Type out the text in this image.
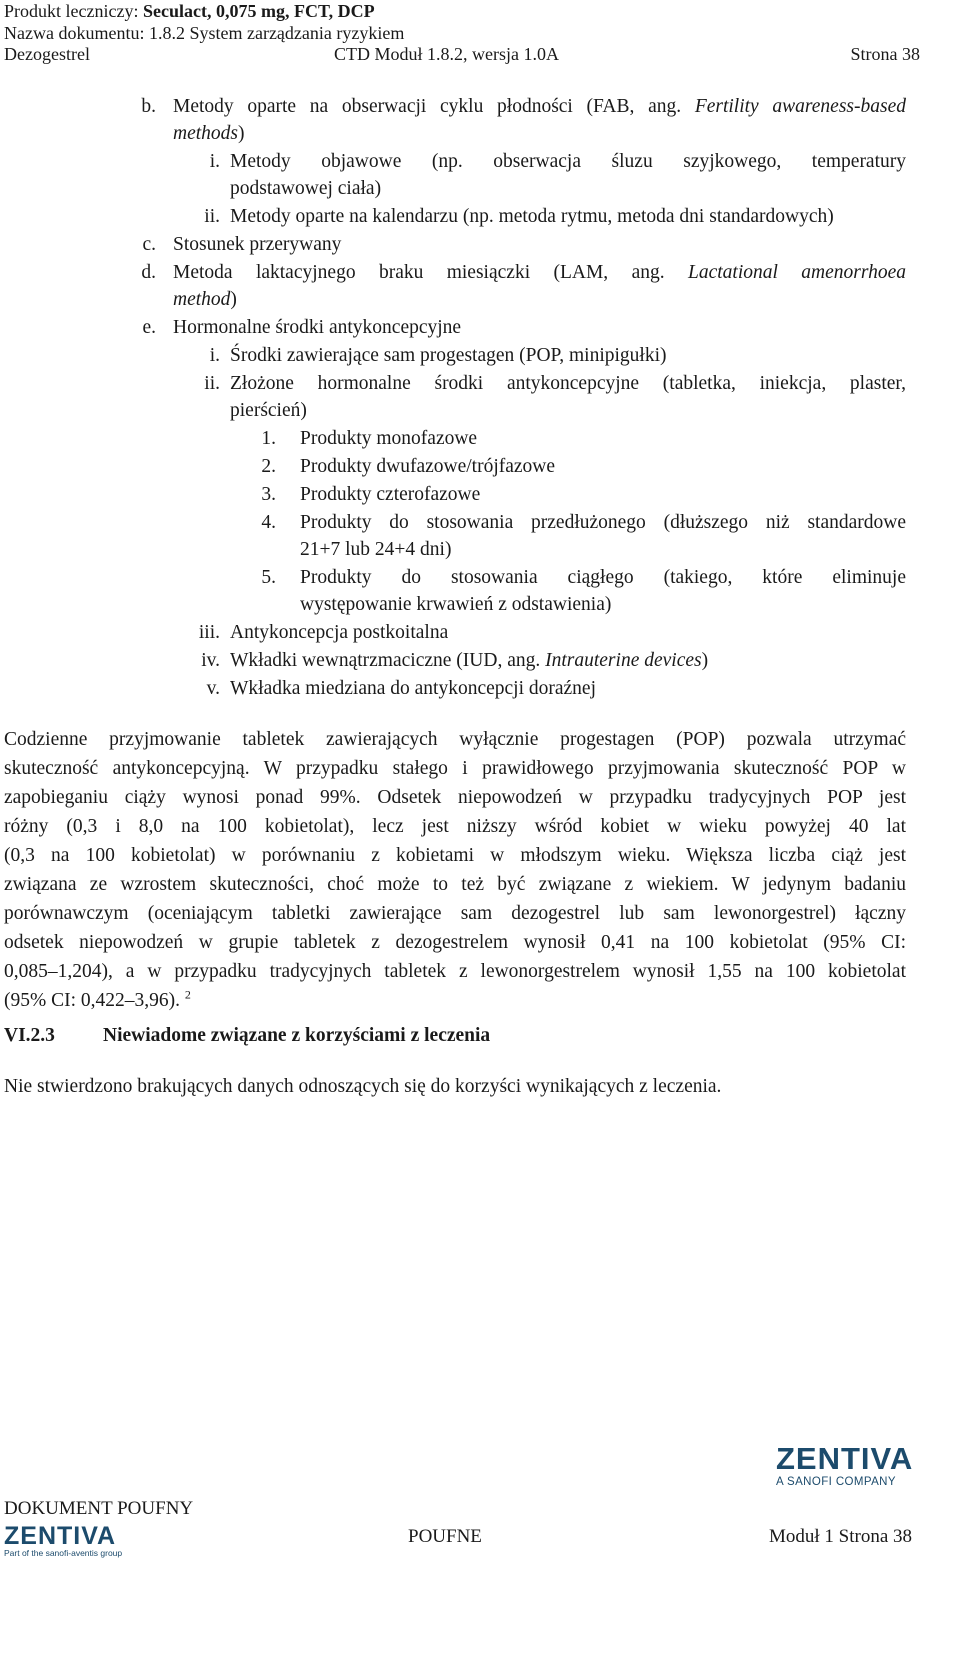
Produkt leczniczy: Seculact, 0,075 mg, FCT, DCP
Nazwa dokumentu: 1.8.2 System zarządzania ryzykiem
Dezogestrel	CTD Moduł 1.8.2, wersja 1.0A	Strona 38
b. Metody oparte na obserwacji cyklu płodności (FAB, ang. Fertility awareness-based
methods)
i. Metody objawowe (np. obserwacja śluzu szyjkowego, temperatury
podstawowej ciała)
ii. Metody oparte na kalendarzu (np. metoda rytmu, metoda dni standardowych)
c. Stosunek przerywany
d. Metoda laktacyjnego braku miesiączki (LAM, ang. Lactational amenorrhoea
method)
e. Hormonalne środki antykoncepcyjne
i. Środki zawierające sam progestagen (POP, minipigułki)
ii. Złożone hormonalne środki antykoncepcyjne (tabletka, iniekcja, plaster,
pierścień)
1. Produkty monofazowe
2. Produkty dwufazowe/trójfazowe
3. Produkty czterofazowe
4. Produkty do stosowania przedłużonego (dłuższego niż standardowe
21+7 lub 24+4 dni)
5. Produkty do stosowania ciągłego (takiego, które eliminuje
występowanie krwawień z odstawienia)
iii. Antykoncepcja postkoitalna
iv. Wkładki wewnątrzmaciczne (IUD, ang. Intrauterine devices)
v. Wkładka miedziana do antykoncepcji doraźnej
Codzienne przyjmowanie tabletek zawierających wyłącznie progestagen (POP) pozwala utrzymać
skuteczność antykoncepcyjną. W przypadku stałego i prawidłowego przyjmowania skuteczność POP w
zapobieganiu ciąży wynosi ponad 99%. Odsetek niepowodzeń w przypadku tradycyjnych POP jest
różny (0,3 i 8,0 na 100 kobietolat), lecz jest niższy wśród kobiet w wieku powyżej 40 lat
(0,3 na 100 kobietolat) w porównaniu z kobietami w młodszym wieku. Większa liczba ciąż jest
związana ze wzrostem skuteczności, choć może to też być związane z wiekiem. W jedynym badaniu
porównawczym (oceniającym tabletki zawierające sam dezogestrel lub sam lewonorgestrel) łączny
odsetek niepowodzeń w grupie tabletek z dezogestrelem wynosił 0,41 na 100 kobietolat (95% CI:
0,085–1,204), a w przypadku tradycyjnych tabletek z lewonorgestrelem wynosił 1,55 na 100 kobietolat
(95% CI: 0,422–3,96). $^2$
VI.2.3 Niewiadome związane z korzyściami z leczenia
Nie stwierdzono brakujących danych odnoszących się do korzyści wynikających z leczenia.
ZENTIVA
A SANOFI COMPANY
DOKUMENT POUFNY
ZENTIVA
Part of the sanofi-aventis group
POUFNE	Moduł 1 Strona 38
